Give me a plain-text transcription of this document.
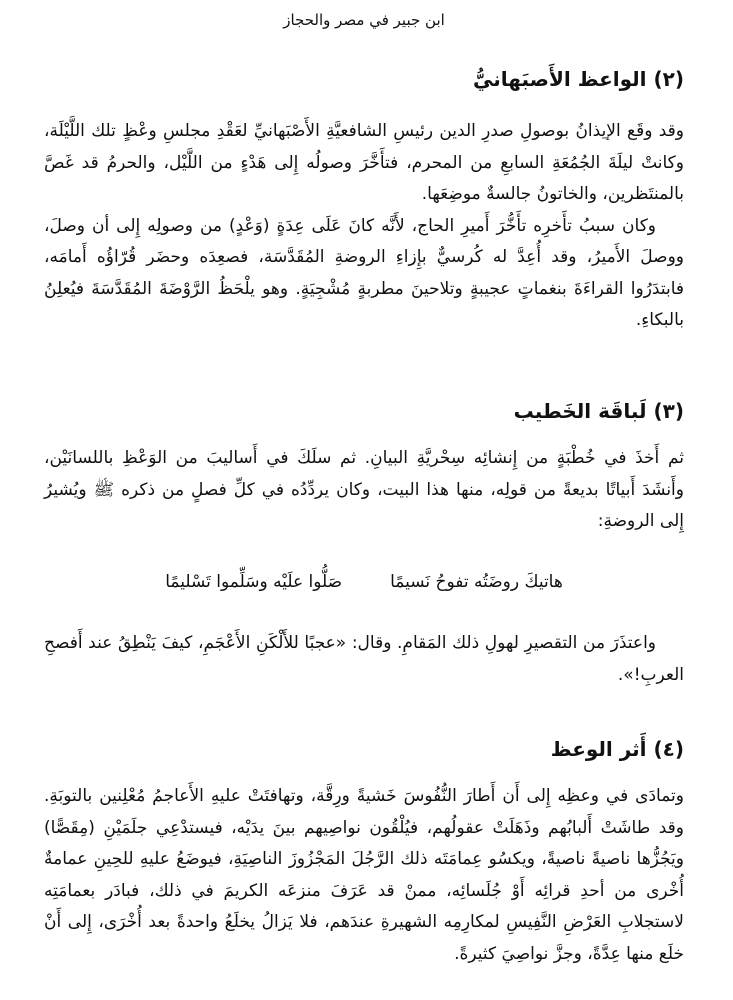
ابن جبير في مصر والحجاز
(٢) الواعظ الأَصبَهانيُّ

وقد وقَع الإيذانُ بوصولِ صدرِ الدين رئيسِ الشافعيَّةِ الأَصْبَهانيِّ لعَقْدِ مجلسِ وعْظٍ تلك اللَّيْلَة، وكانتْ ليلَةَ الجُمُعَةِ السابعِ من المحرم، فتأَخَّرَ وصولُه إِلى هَدْءٍ من اللَّيْل، والحرمُ قد غَصَّ بالمنتَظرين، والخاتونُ جالسةٌ موضِعَها.

وكان سببُ تأَخرِه تأَخُّرَ أَميرِ الحاج، لأَنَّه كانَ عَلَى عِدَةٍ (وَعْدٍ) من وصولِه إِلى أن وصلَ، ووصلَ الأَميرُ، وقد أُعِدَّ له كُرسيٌّ بإِزاءِ الروضةِ المُقَدَّسَة، فصعِدَه وحضَر قُرّاؤُه أَمامَه، فابتدَرُوا القراءَةَ بنغماتٍ عجيبةٍ وتلاحينَ مطربةٍ مُشْجِيَةٍ. وهو يلْحَظُ الرَّوْضَةَ المُقَدَّسَةَ فيُعلِنُ بالبكاءِ.

(٣) لَباقَة الخَطيب

ثم أَخذَ في خُطْبَةٍ من إِنشائِه سِحْريَّةِ البيانِ. ثم سلَكَ في أَساليبَ من الوَعْظِ باللسانَيْن، وأَنشَدَ أَبياتًا بديعةً من قولِه، منها هذا البيت، وكان يردِّدُه في كلِّ فصلٍ من ذكره ﷺ ويُشيرُ إِلى الروضةِ:

هاتيكَ روضَتُه تفوحُ نَسيمًا
صَلُّوا علَيْه وسَلِّموا تَسْليمًا

واعتذَرَ من التقصيرِ لهولِ ذلك المَقامِ. وقال: «عجبًا للأَلْكَنِ الأَعْجَمِ، كيفَ يَنْطِقُ عند أَفصحِ العربِ!».

(٤) أَثر الوعظ

وتمادَى في وعظِه إِلى أَن أَطارَ النُّفُوسَ خَشيةً ورِقَّة، وتهافتَتْ عليهِ الأَعاجمُ مُعْلِنين بالتوبَةِ. وقد طاشَتْ أَلبابُهم وذَهَلَتْ عقولُهم، فيُلْقُون نواصِيهم بينَ يدَيْه، فيستدْعِي جلَمَيْنِ (مِقَصًّا) ويَجُزُّها ناصيةً ناصيةً، ويكسُو عِمامَتَه ذلك الرَّجُلَ المَجْزُوزَ الناصِيَةِ، فيوضَعُ عليهِ للحِينِ عمامةٌ أُخْرى من أحدِ قرائِه أَوْ جُلَسائِه، ممنْ قد عَرَفَ منزعَه الكريمَ في ذلك، فبادَر بعمامَتِه لاستجلابِ العَرْضِ النَّفِيسِ لمكارِمِه الشهيرةِ عندَهم، فلا يَزالُ يخلَعُ واحدةً بعد أُخْرَى، إِلى أَنْ خلَع منها عِدَّةً، وجزَّ نواصِيَ كثيرةً.
